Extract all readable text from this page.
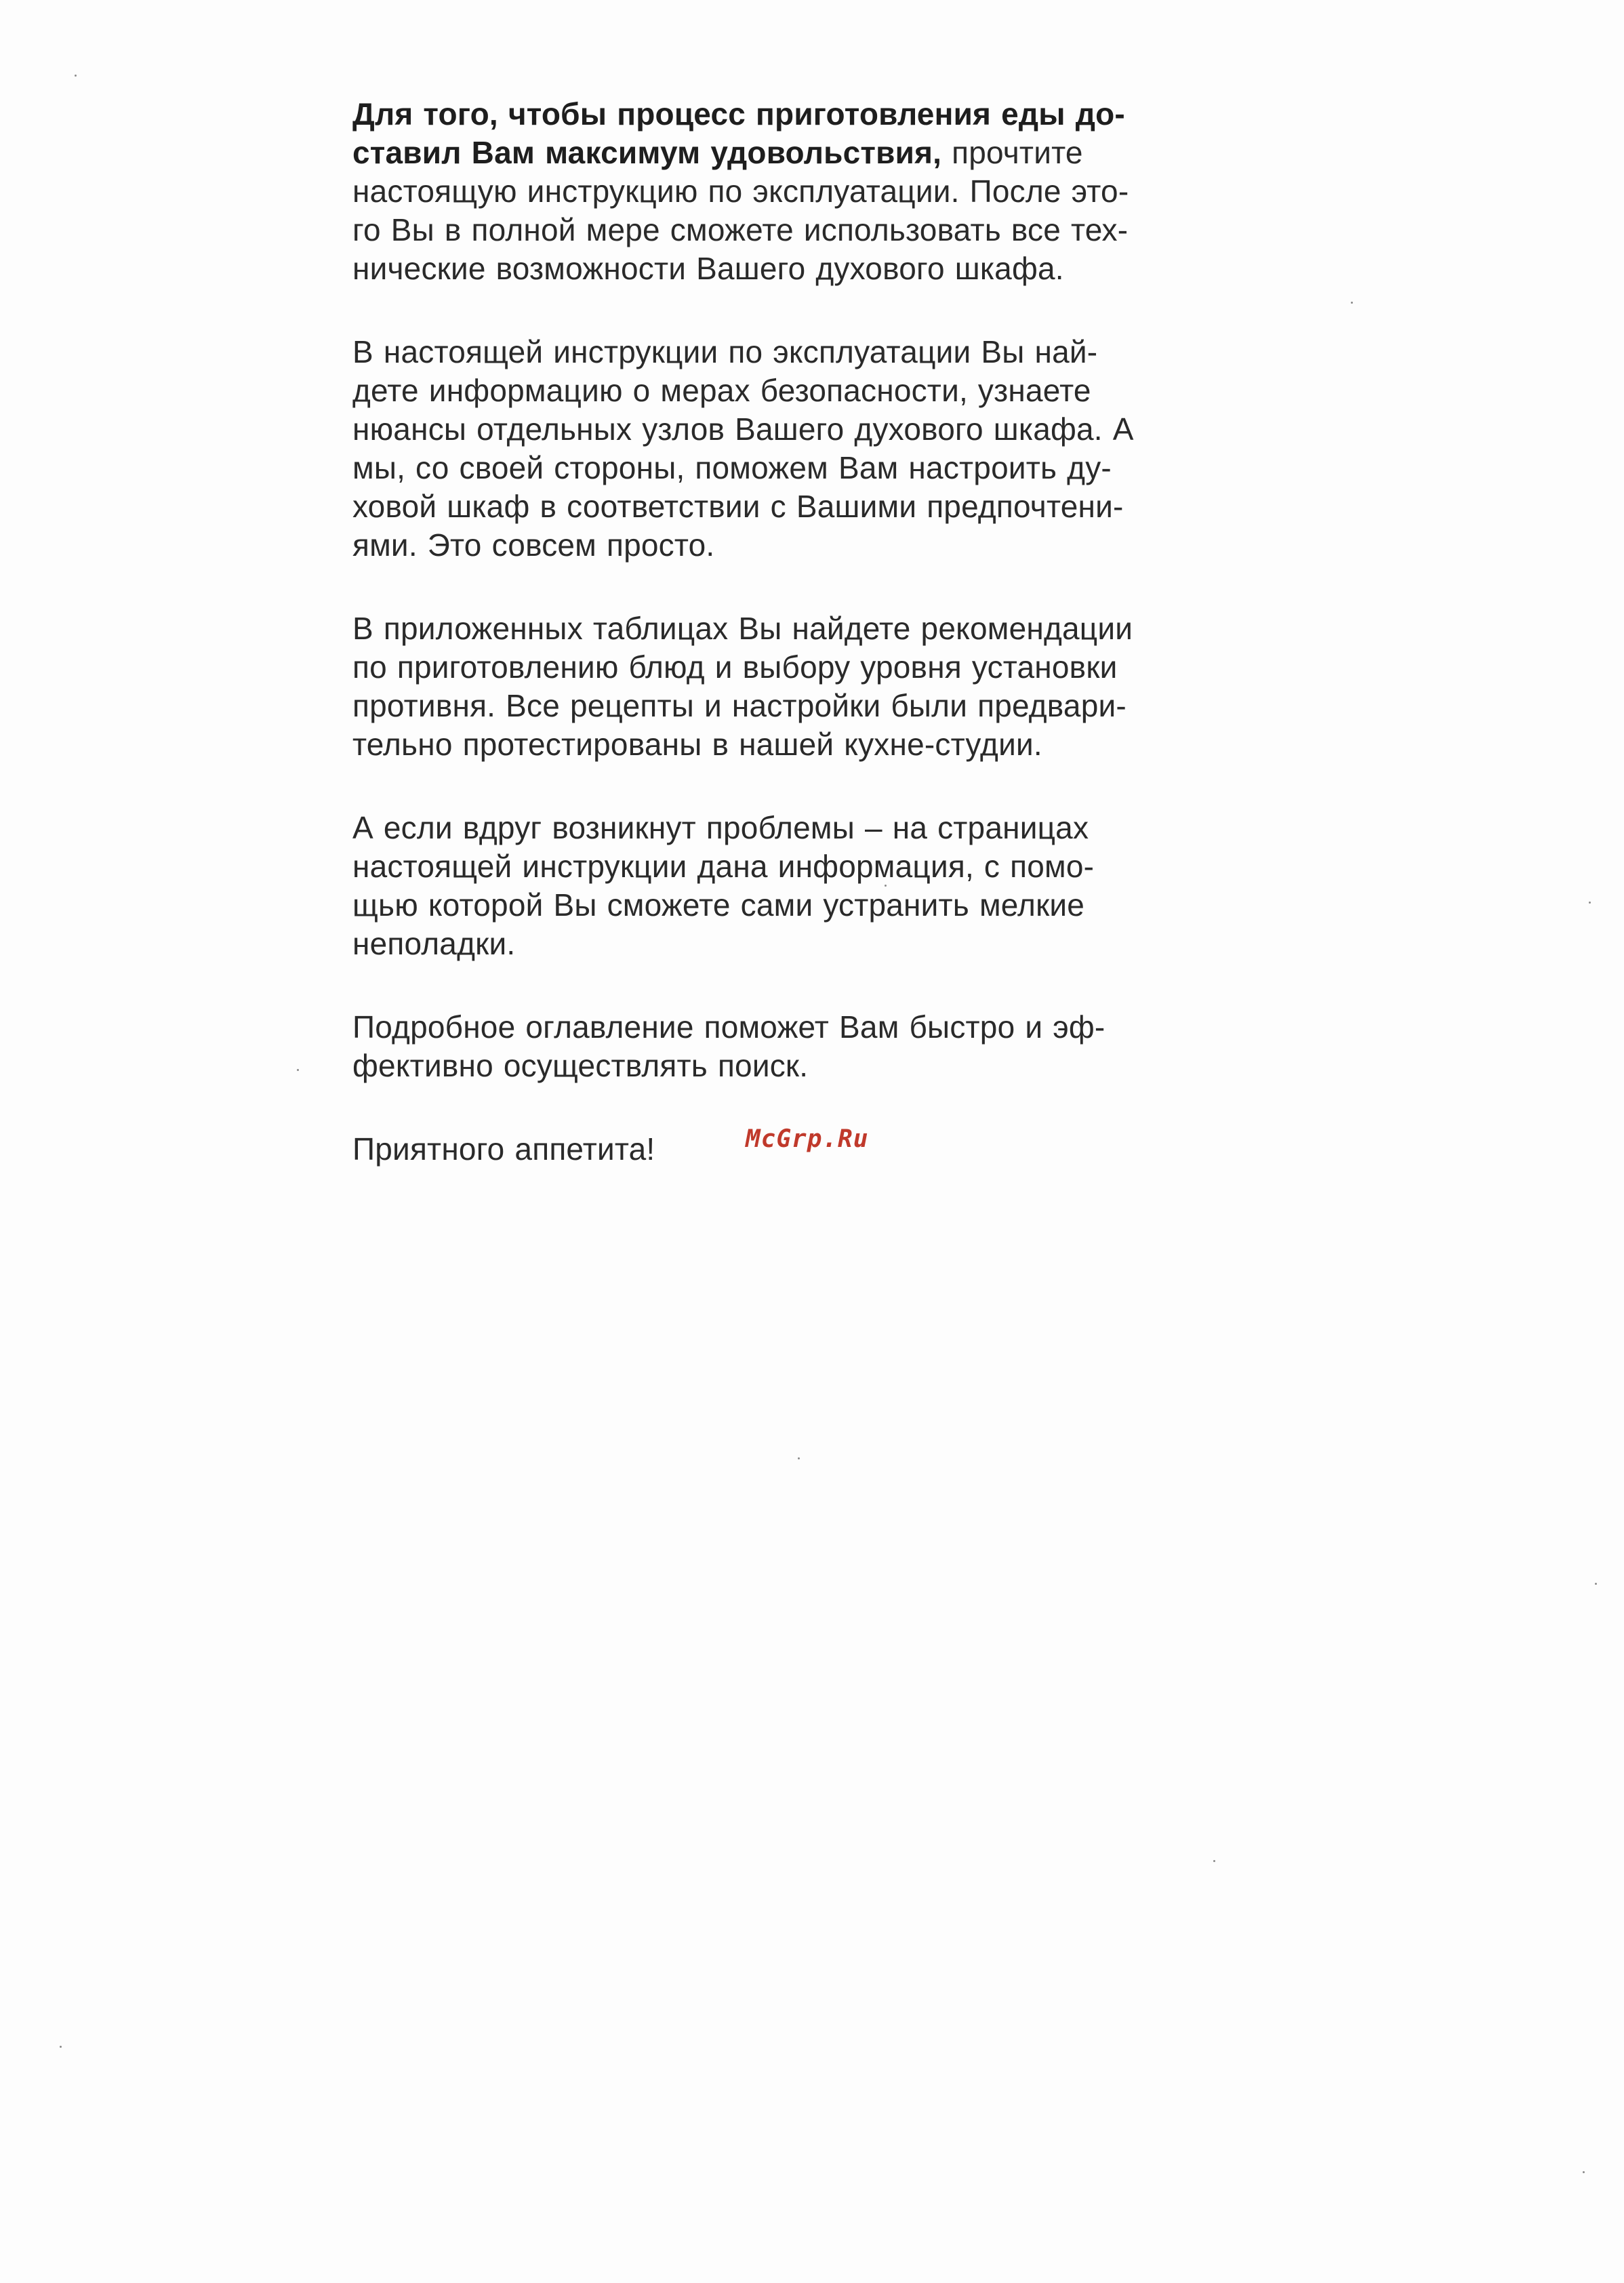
Для того, чтобы процесс приготовления еды до-
ставил Вам максимум удовольствия, прочтите
настоящую инструкцию по эксплуатации. После это-
го Вы в полной мере сможете использовать все тех-
нические возможности Вашего духового шкафа.

В настоящей инструкции по эксплуатации Вы най-
дете информацию о мерах безопасности, узнаете
нюансы отдельных узлов Вашего духового шкафа. А
мы, со своей стороны, поможем Вам настроить ду-
ховой шкаф в соответствии с Вашими предпочтени-
ями. Это совсем просто.

В приложенных таблицах Вы найдете рекомендации
по приготовлению блюд и выбору уровня установки
противня. Все рецепты и настройки были предвари-
тельно протестированы в нашей кухне-студии.

А если вдруг возникнут проблемы – на страницах
настоящей инструкции дана информация, с помо-
щью которой Вы сможете сами устранить мелкие
неполадки.

Подробное оглавление поможет Вам быстро и эф-
фективно осуществлять поиск.

Приятного аппетита!	McGrp.Ru
